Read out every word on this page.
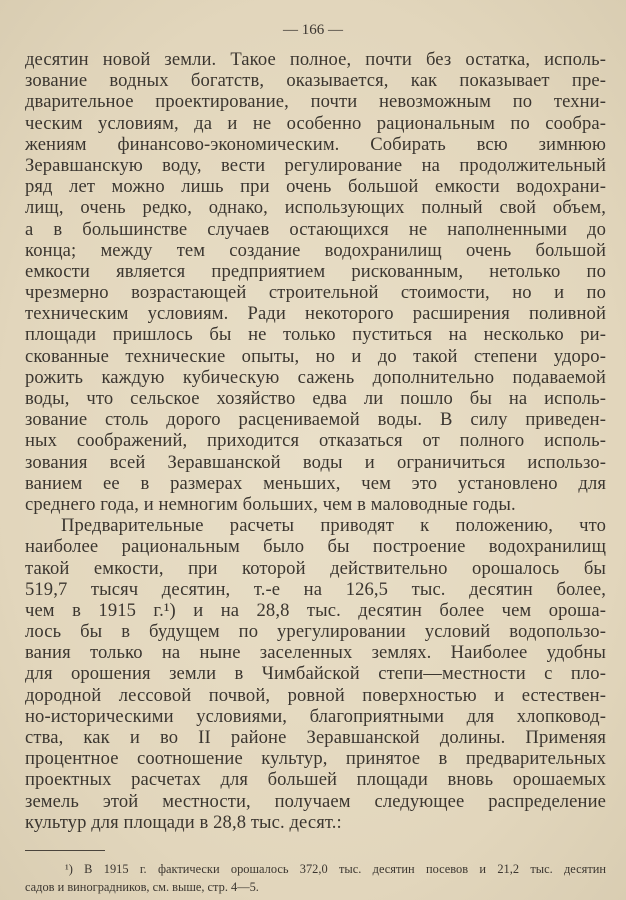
— 166 —
десятин новой земли. Такое полное, почти без остатка, исполь-
зование водных богатств, оказывается, как показывает пре-
дварительное проектирование, почти невозможным по техни-
ческим условиям, да и не особенно рациональным по сообра-
жениям финансово-экономическим. Собирать всю зимнюю
Зеравшанскую воду, вести регулирование на продолжительный
ряд лет можно лишь при очень большой емкости водохрани-
лищ, очень редко, однако, использующих полный свой объем,
а в большинстве случаев остающихся не наполненными до
конца; между тем создание водохранилищ очень большой
емкости является предприятием рискованным, нетолько по
чрезмерно возрастающей строительной стоимости, но и по
техническим условиям. Ради некоторого расширения поливной
площади пришлось бы не только пуститься на несколько ри-
скованные технические опыты, но и до такой степени удоро-
рожить каждую кубическую сажень дополнительно подаваемой
воды, что сельское хозяйство едва ли пошло бы на исполь-
зование столь дорого расцениваемой воды. В силу приведен-
ных соображений, приходится отказаться от полного исполь-
зования всей Зеравшанской воды и ограничиться использо-
ванием ее в размерах меньших, чем это установлено для
среднего года, и немногим больших, чем в маловодные годы.
Предварительные расчеты приводят к положению, что
наиболее рациональным было бы построение водохранилищ
такой емкости, при которой действительно орошалось бы
519,7 тысяч десятин, т.-е на 126,5 тыс. десятин более,
чем в 1915 г.¹) и на 28,8 тыс. десятин более чем ороша-
лось бы в будущем по урегулировании условий водопользо-
вания только на ныне заселенных землях. Наиболее удобны
для орошения земли в Чимбайской степи—местности с пло-
дородной лессовой почвой, ровной поверхностью и естествен-
но-историческими условиями, благоприятными для хлопковод-
ства, как и во II районе Зеравшанской долины. Применяя
процентное соотношение культур, принятое в предварительных
проектных расчетах для большей площади вновь орошаемых
земель этой местности, получаем следующее распределение
культур для площади в 28,8 тыс. десят.:
¹) В 1915 г. фактически орошалось 372,0 тыс. десятин посевов и 21,2 тыс. десятин
садов и виноградников, см. выше, стр. 4—5.
